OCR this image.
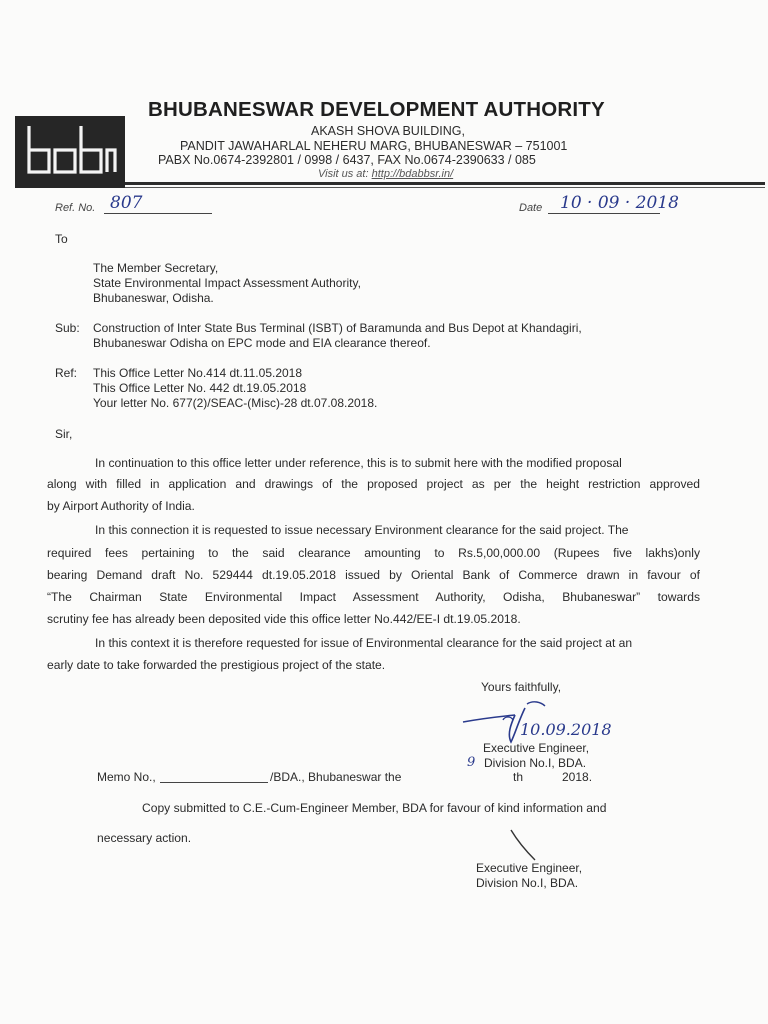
BHUBANESWAR DEVELOPMENT AUTHORITY
AKASH SHOVA BUILDING,
PANDIT JAWAHARLAL NEHERU MARG, BHUBANESWAR – 751001
PABX No.0674-2392801 / 0998 / 6437, FAX No.0674-2390633 / 085
Visit us at: http://bdabbsr.in/
Ref. No. 807	Date 10 · 09 · 2018
To
The Member Secretary,
State Environmental Impact Assessment Authority,
Bhubaneswar, Odisha.
Sub: Construction of Inter State Bus Terminal (ISBT) of Baramunda and Bus Depot at Khandagiri,
Bhubaneswar Odisha on EPC mode and EIA clearance thereof.
Ref: This Office Letter No.414 dt.11.05.2018
This Office Letter No. 442 dt.19.05.2018
Your letter No. 677(2)/SEAC-(Misc)-28 dt.07.08.2018.
Sir,
In continuation to this office letter under reference, this is to submit here with the modified proposal
along with filled in application and drawings of the proposed project as per the height restriction approved
by Airport Authority of India.
In this connection it is requested to issue necessary Environment clearance for the said project. The
required fees pertaining to the said clearance amounting to Rs.5,00,000.00 (Rupees five lakhs)only
bearing Demand draft No. 529444 dt.19.05.2018 issued by Oriental Bank of Commerce drawn in favour of
“The Chairman State Environmental Impact Assessment Authority, Odisha, Bhubaneswar” towards
scrutiny fee has already been deposited vide this office letter No.442/EE-I dt.19.05.2018.
In this context it is therefore requested for issue of Environmental clearance for the said project at an
early date to take forwarded the prestigious project of the state.
Yours faithfully,
10.09.2018
Executive Engineer,
Division No.I, BDA.
Memo No.,	/BDA., Bhubaneswar the
9
th	2018.
Copy submitted to C.E.-Cum-Engineer Member, BDA for favour of kind information and
necessary action.
Executive Engineer,
Division No.I, BDA.
